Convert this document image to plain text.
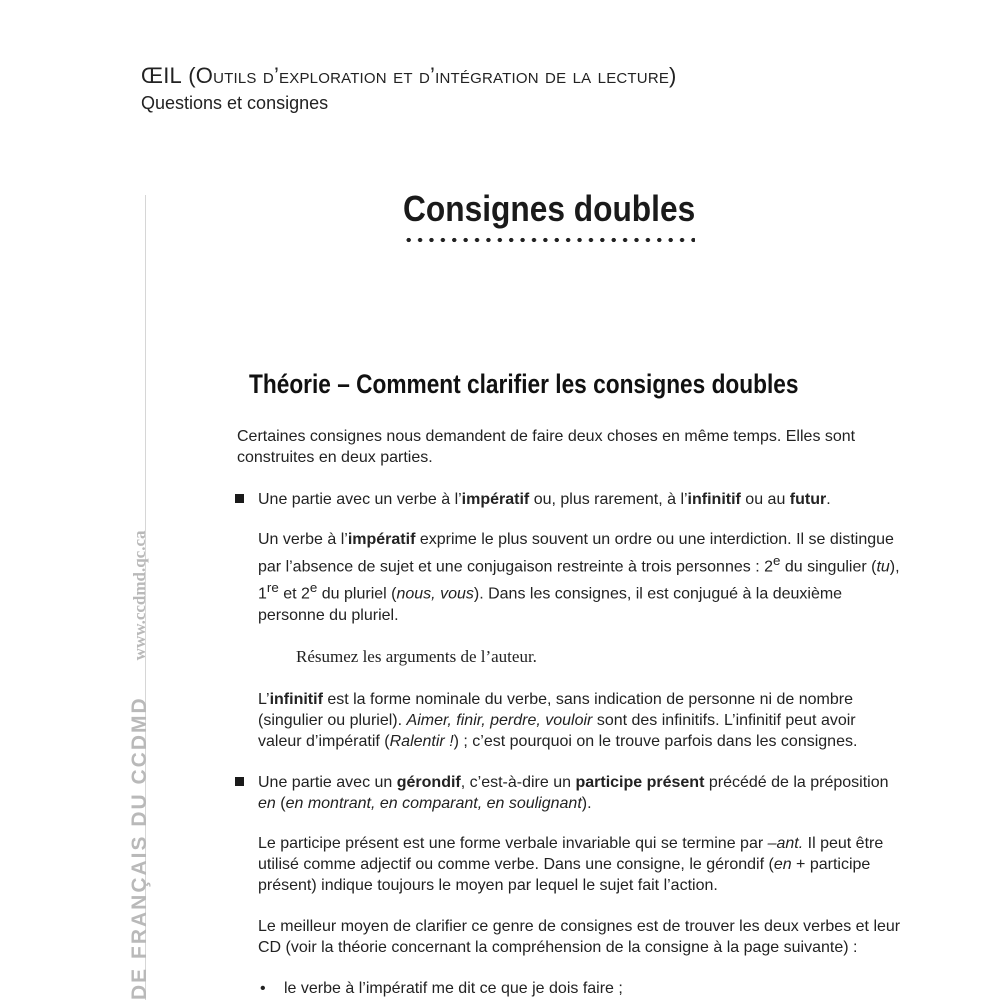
ŒIL (Outils d’exploration et d’intégration de la lecture)
Questions et consignes
DE FRANÇAIS DU CCDMDwww.ccdmd.qc.ca
Consignes doubles
Théorie – Comment clarifier les consignes doubles

Certaines consignes nous demandent de faire deux choses en même temps. Elles sont construites en deux parties.

Une partie avec un verbe à l’impératif ou, plus rarement, à l’infinitif ou au futur.

Un verbe à l’impératif exprime le plus souvent un ordre ou une interdiction. Il se distingue par l’absence de sujet et une conjugaison restreinte à trois personnes : 2e du singulier (tu), 1re et 2e du pluriel (nous, vous). Dans les consignes, il est conjugué à la deuxième personne du pluriel.

Résumez les arguments de l’auteur.

L’infinitif est la forme nominale du verbe, sans indication de personne ni de nombre (singulier ou pluriel). Aimer, finir, perdre, vouloir sont des infinitifs. L’infinitif peut avoir valeur d’impératif (Ralentir !) ; c’est pourquoi on le trouve parfois dans les consignes.

Une partie avec un gérondif, c’est-à-dire un participe présent précédé de la préposition en (en montrant, en comparant, en soulignant).

Le participe présent est une forme verbale invariable qui se termine par –ant. Il peut être utilisé comme adjectif ou comme verbe. Dans une consigne, le gérondif (en + participe présent) indique toujours le moyen par lequel le sujet fait l’action.

Le meilleur moyen de clarifier ce genre de consignes est de trouver les deux verbes et leur CD (voir la théorie concernant la compréhension de la consigne à la page suivante) :

• le verbe à l’impératif me dit ce que je dois faire ;
